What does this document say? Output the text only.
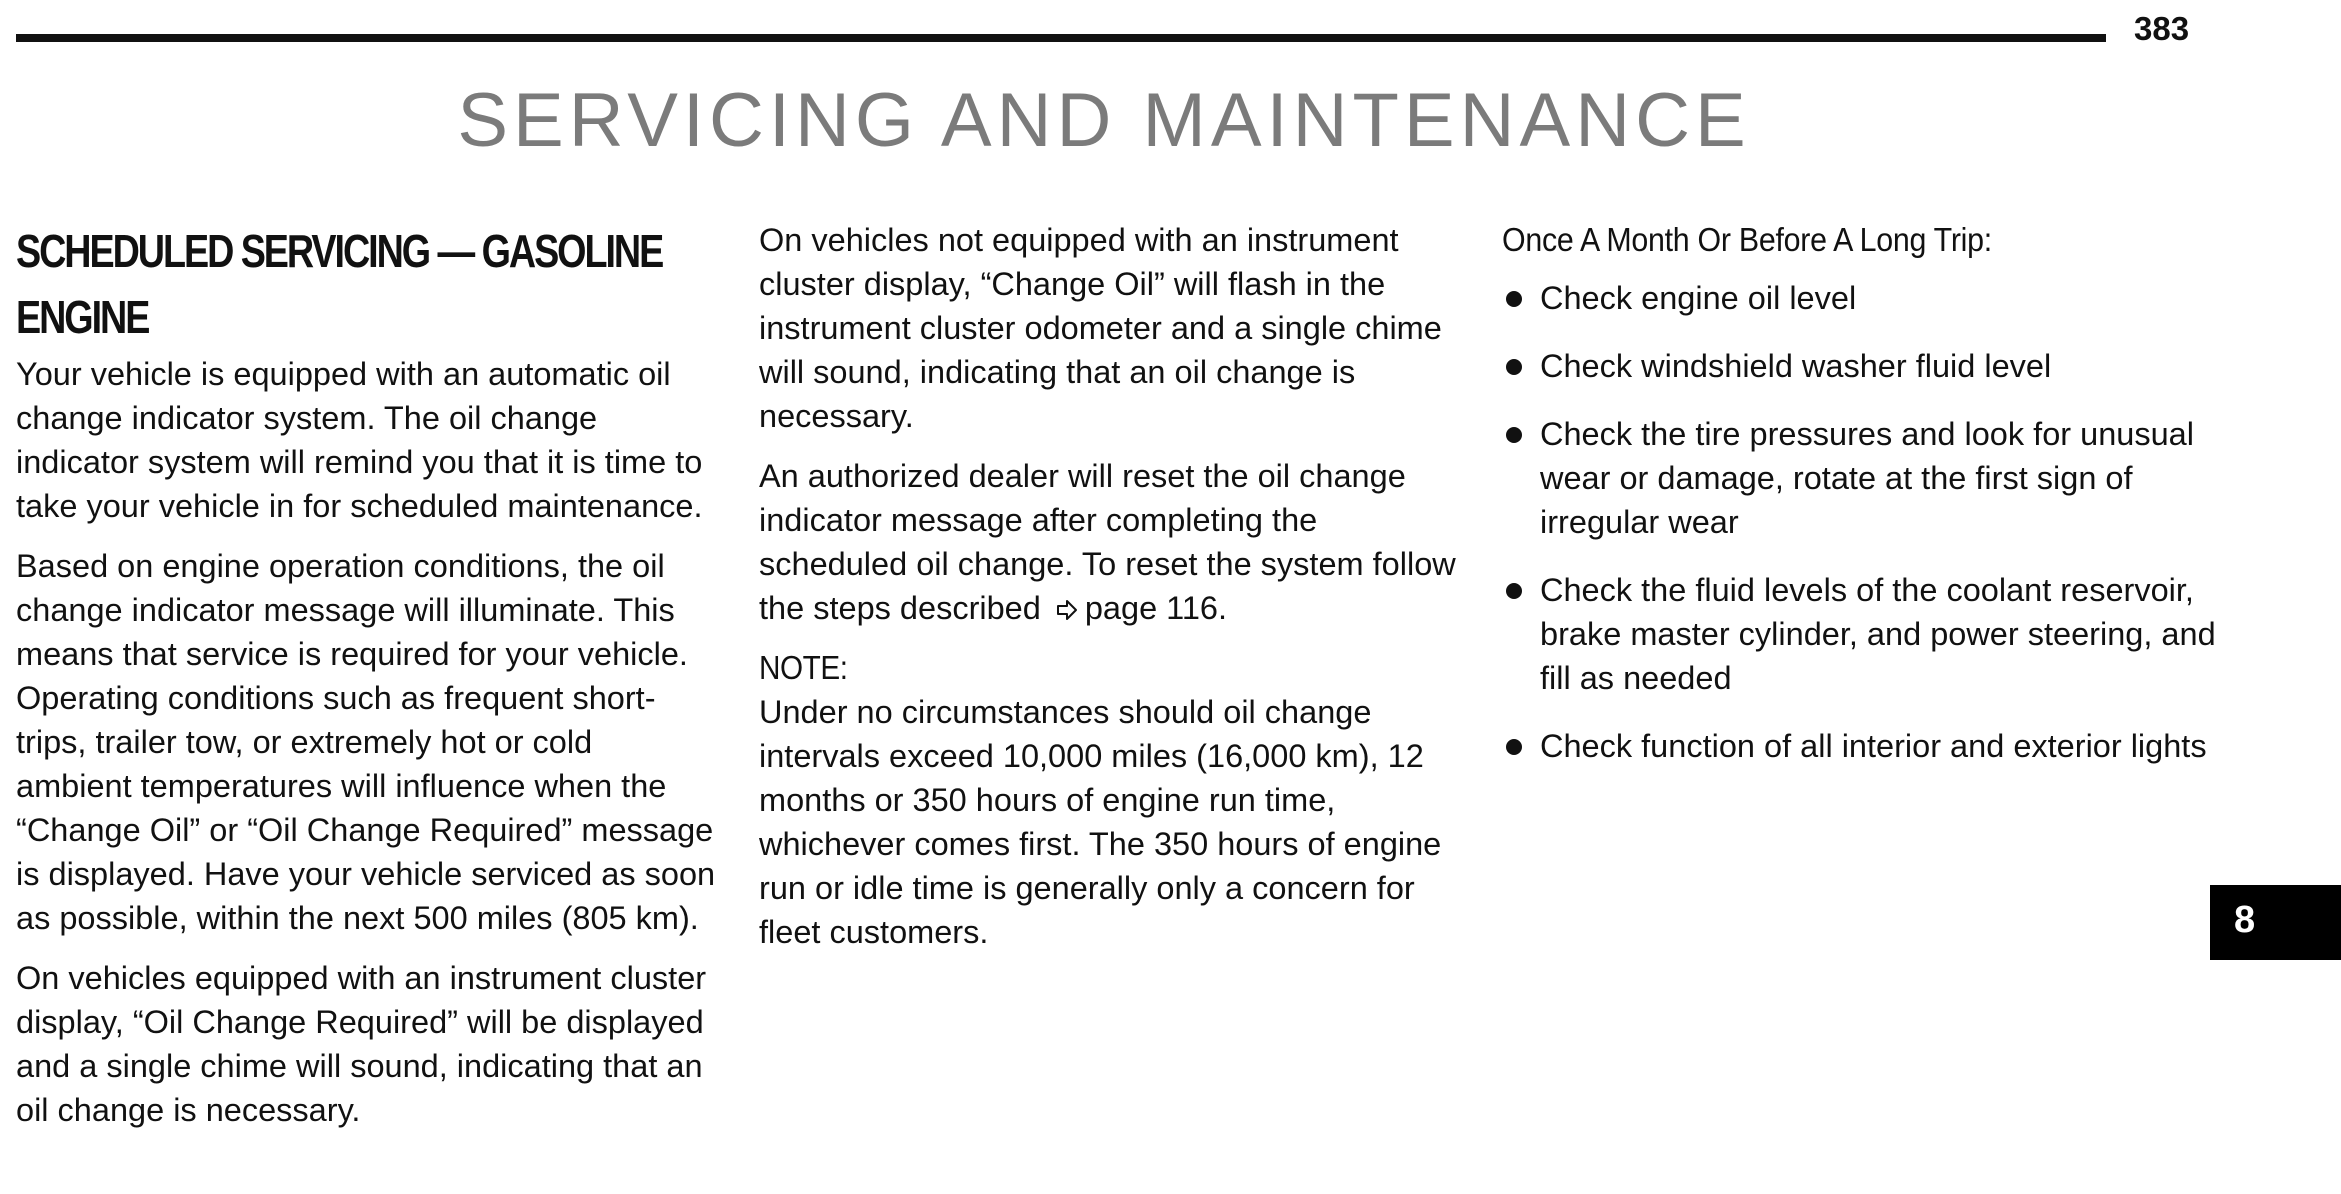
383
SERVICING AND MAINTENANCE
SCHEDULED SERVICING — GASOLINE ENGINE

Your vehicle is equipped with an automatic oil change indicator system. The oil change indicator system will remind you that it is time to take your vehicle in for scheduled maintenance.

Based on engine operation conditions, the oil change indicator message will illuminate. This means that service is required for your vehicle. Operating conditions such as frequent short-trips, trailer tow, or extremely hot or cold ambient temperatures will influence when the “Change Oil” or “Oil Change Required” message is displayed. Have your vehicle serviced as soon as possible, within the next 500 miles (805 km).

On vehicles equipped with an instrument cluster display, “Oil Change Required” will be displayed and a single chime will sound, indicating that an oil change is necessary.

On vehicles not equipped with an instrument cluster display, “Change Oil” will flash in the instrument cluster odometer and a single chime will sound, indicating that an oil change is necessary.

An authorized dealer will reset the oil change indicator message after completing the scheduled oil change. To reset the system follow the steps described page 116.

NOTE:

Under no circumstances should oil change intervals exceed 10,000 miles (16,000 km), 12 months or 350 hours of engine run time, whichever comes first. The 350 hours of engine run or idle time is generally only a concern for fleet customers.

Once A Month Or Before A Long Trip:
Check engine oil level
Check windshield washer fluid level
Check the tire pressures and look for unusual wear or damage, rotate at the first sign of irregular wear
Check the fluid levels of the coolant reservoir, brake master cylinder, and power steering, and fill as needed
Check function of all interior and exterior lights
8
